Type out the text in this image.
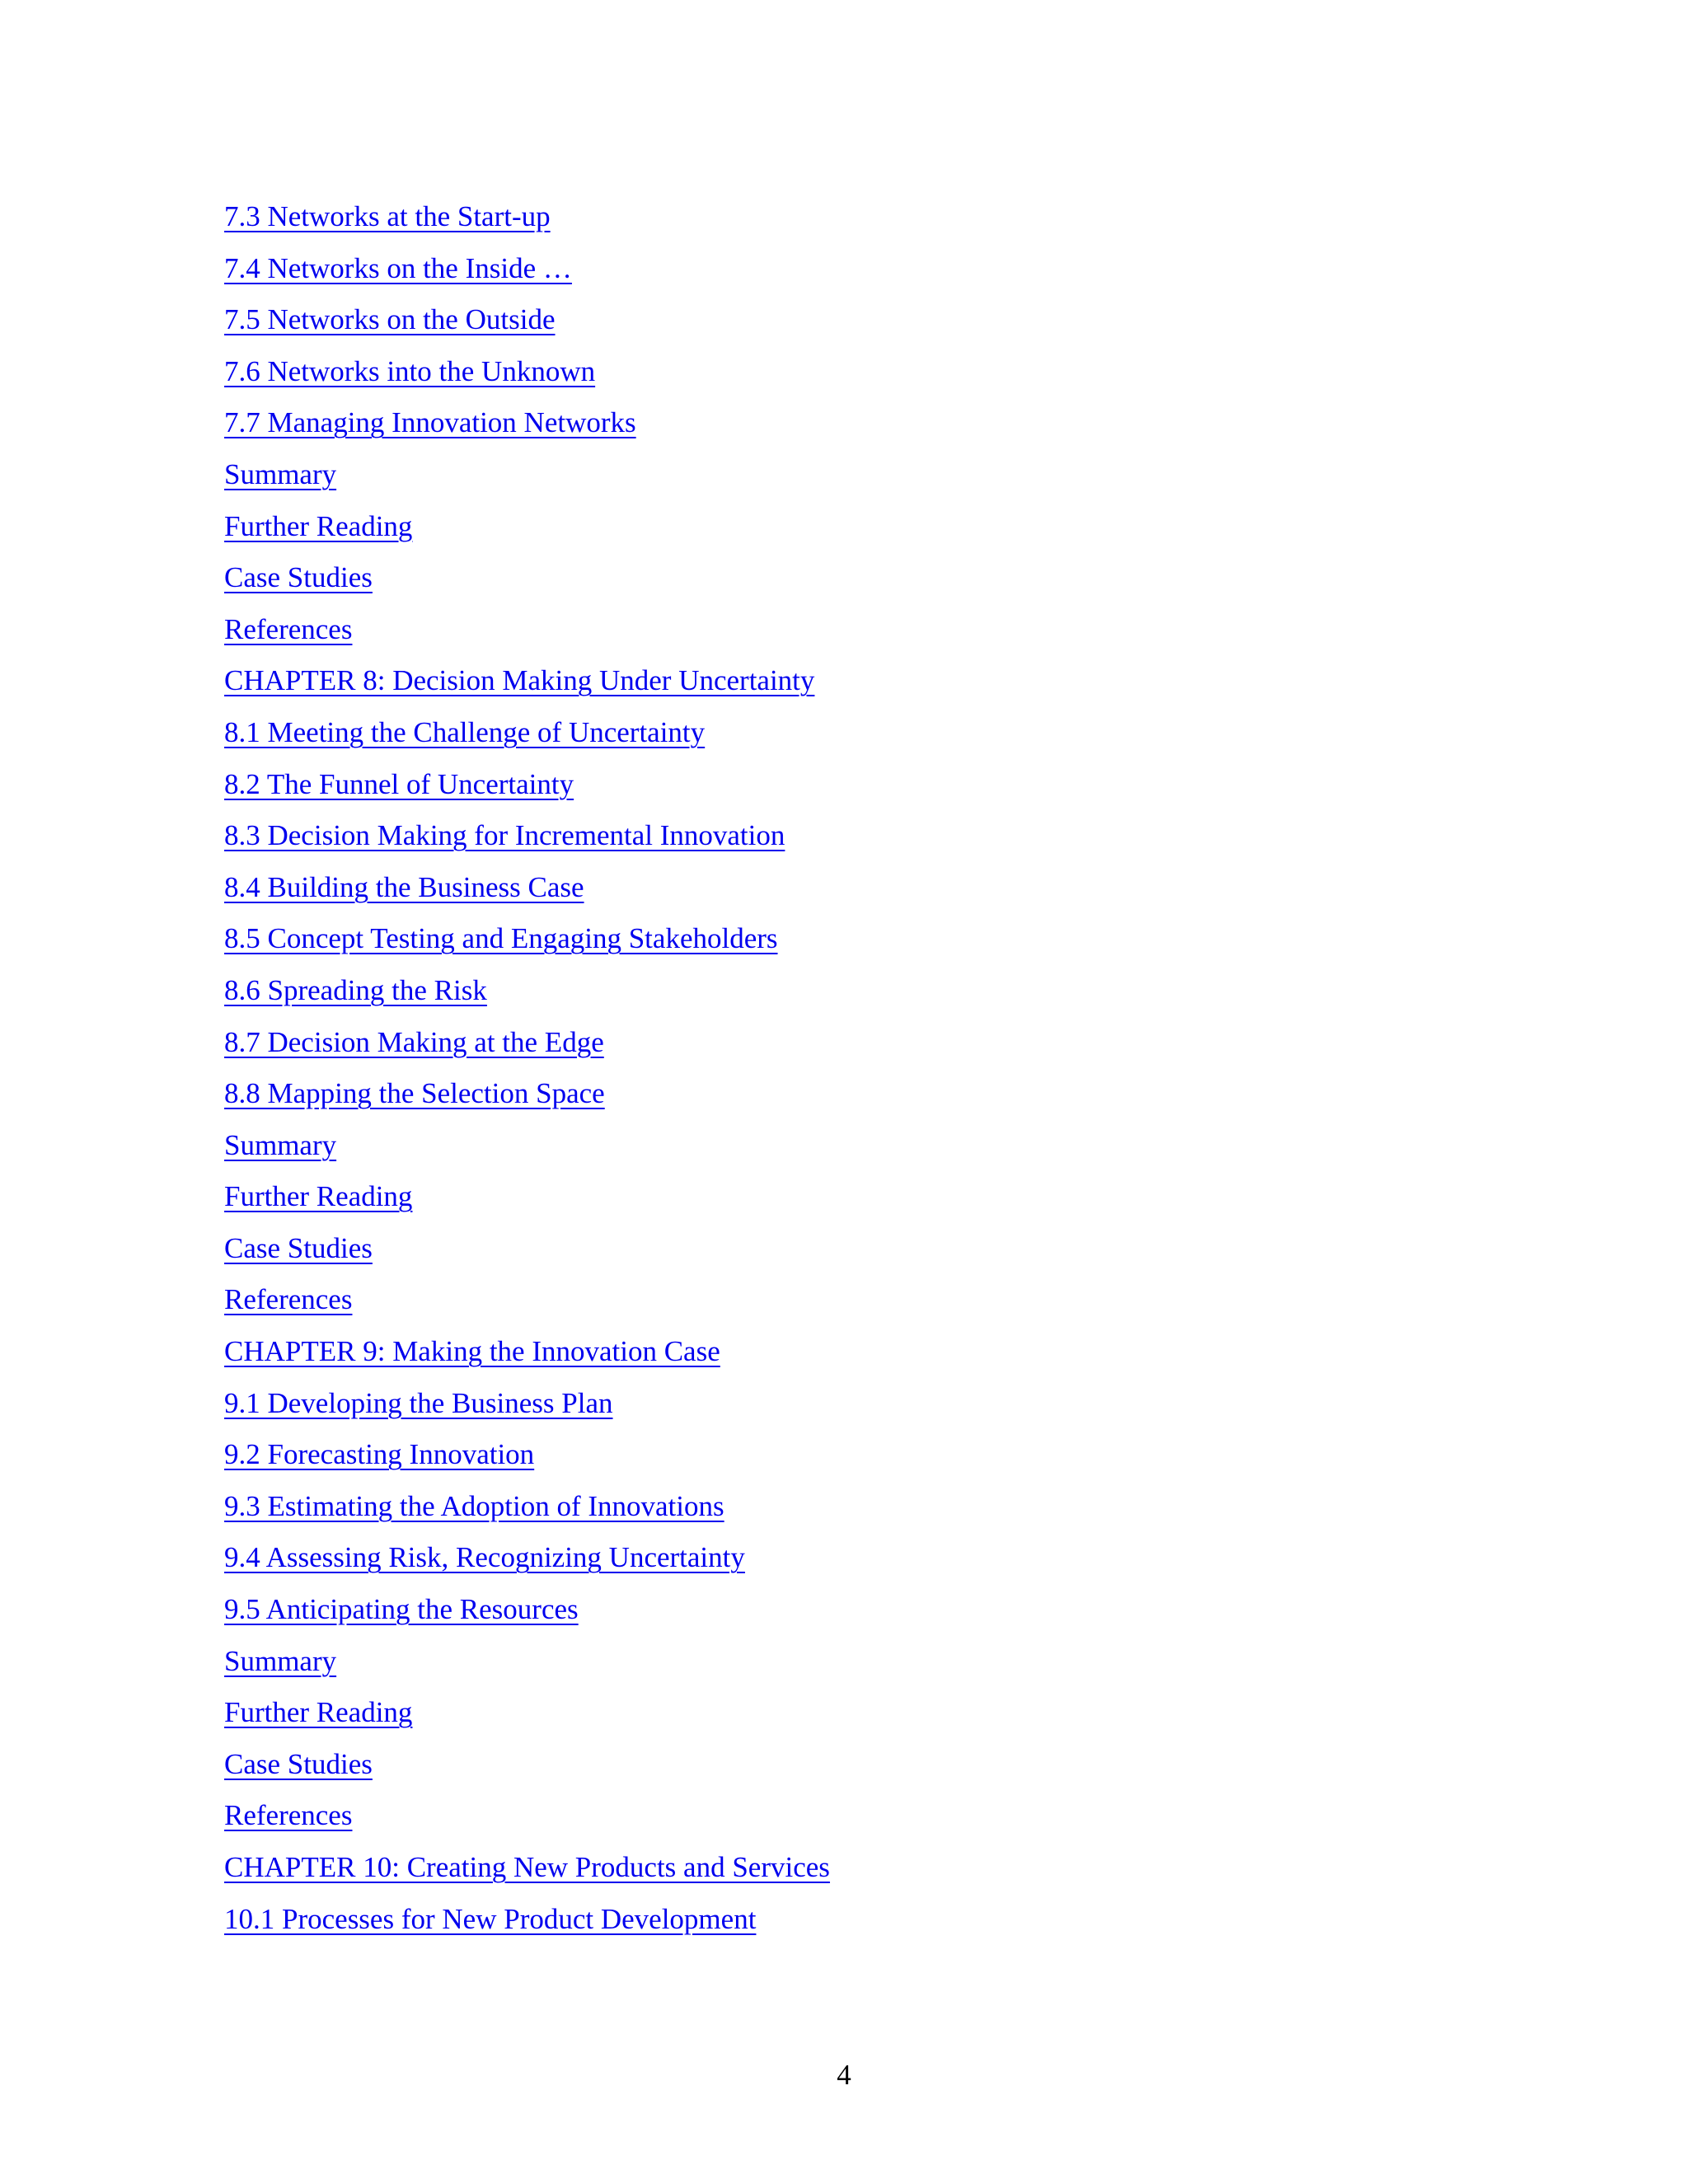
7.3 Networks at the Start-up
7.4 Networks on the Inside …
7.5 Networks on the Outside
7.6 Networks into the Unknown
7.7 Managing Innovation Networks
Summary
Further Reading
Case Studies
References
CHAPTER 8: Decision Making Under Uncertainty
8.1 Meeting the Challenge of Uncertainty
8.2 The Funnel of Uncertainty
8.3 Decision Making for Incremental Innovation
8.4 Building the Business Case
8.5 Concept Testing and Engaging Stakeholders
8.6 Spreading the Risk
8.7 Decision Making at the Edge
8.8 Mapping the Selection Space
Summary
Further Reading
Case Studies
References
CHAPTER 9: Making the Innovation Case
9.1 Developing the Business Plan
9.2 Forecasting Innovation
9.3 Estimating the Adoption of Innovations
9.4 Assessing Risk, Recognizing Uncertainty
9.5 Anticipating the Resources
Summary
Further Reading
Case Studies
References
CHAPTER 10: Creating New Products and Services
10.1 Processes for New Product Development
4
